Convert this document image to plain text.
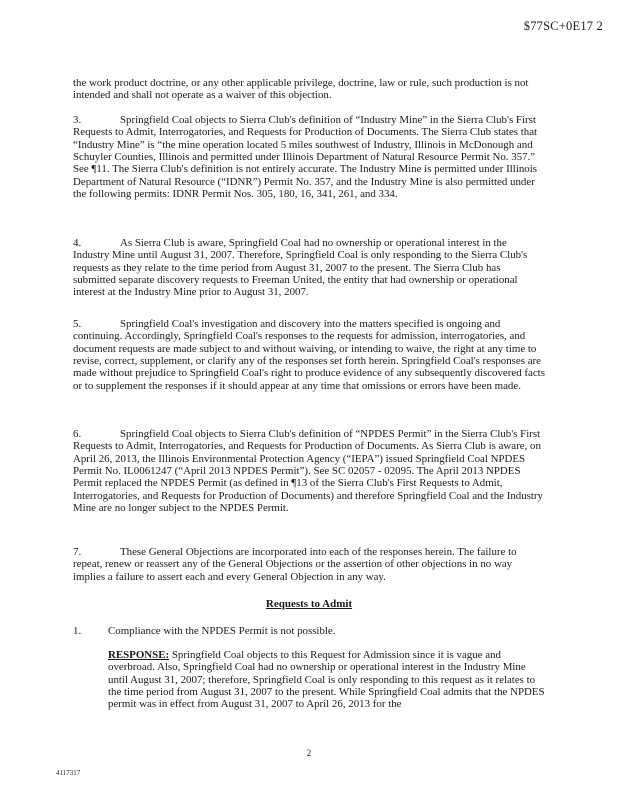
$77SC+0E17 2

the work product doctrine, or any other applicable privilege, doctrine, law or rule, such production is not intended and shall not operate as a waiver of this objection.

3.	Springfield Coal objects to Sierra Club's definition of “Industry Mine” in the Sierra Club's First Requests to Admit, Interrogatories, and Requests for Production of Documents. The Sierra Club states that “Industry Mine” is “the mine operation located 5 miles southwest of Industry, Illinois in McDonough and Schuyler Counties, Illinois and permitted under Illinois Department of Natural Resource Permit No. 357.” See ¶11. The Sierra Club's definition is not entirely accurate. The Industry Mine is permitted under Illinois Department of Natural Resource (“IDNR”) Permit No. 357, and the Industry Mine is also permitted under the following permits: IDNR Permit Nos. 305, 180, 16, 341, 261, and 334.

4.	As Sierra Club is aware, Springfield Coal had no ownership or operational interest in the Industry Mine until August 31, 2007. Therefore, Springfield Coal is only responding to the Sierra Club's requests as they relate to the time period from August 31, 2007 to the present. The Sierra Club has submitted separate discovery requests to Freeman United, the entity that had ownership or operational interest at the Industry Mine prior to August 31, 2007.

5.	Springfield Coal's investigation and discovery into the matters specified is ongoing and continuing. Accordingly, Springfield Coal's responses to the requests for admission, interrogatories, and document requests are made subject to and without waiving, or intending to waive, the right at any time to revise, correct, supplement, or clarify any of the responses set forth herein. Springfield Coal's responses are made without prejudice to Springfield Coal's right to produce evidence of any subsequently discovered facts or to supplement the responses if it should appear at any time that omissions or errors have been made.

6.	Springfield Coal objects to Sierra Club's definition of “NPDES Permit” in the Sierra Club's First Requests to Admit, Interrogatories, and Requests for Production of Documents. As Sierra Club is aware, on April 26, 2013, the Illinois Environmental Protection Agency (“IEPA”) issued Springfield Coal NPDES Permit No. IL0061247 (“April 2013 NPDES Permit”). See SC 02057 - 02095. The April 2013 NPDES Permit replaced the NPDES Permit (as defined in ¶13 of the Sierra Club's First Requests to Admit, Interrogatories, and Requests for Production of Documents) and therefore Springfield Coal and the Industry Mine are no longer subject to the NPDES Permit.

7.	These General Objections are incorporated into each of the responses herein. The failure to repeat, renew or reassert any of the General Objections or the assertion of other objections in no way implies a failure to assert each and every General Objection in any way.

Requests to Admit
1. Compliance with the NPDES Permit is not possible.

RESPONSE: Springfield Coal objects to this Request for Admission since it is vague and overbroad. Also, Springfield Coal had no ownership or operational interest in the Industry Mine until August 31, 2007; therefore, Springfield Coal is only responding to this request as it relates to the time period from August 31, 2007 to the present. While Springfield Coal admits that the NPDES permit was in effect from August 31, 2007 to April 26, 2013 for the

2
4117317
